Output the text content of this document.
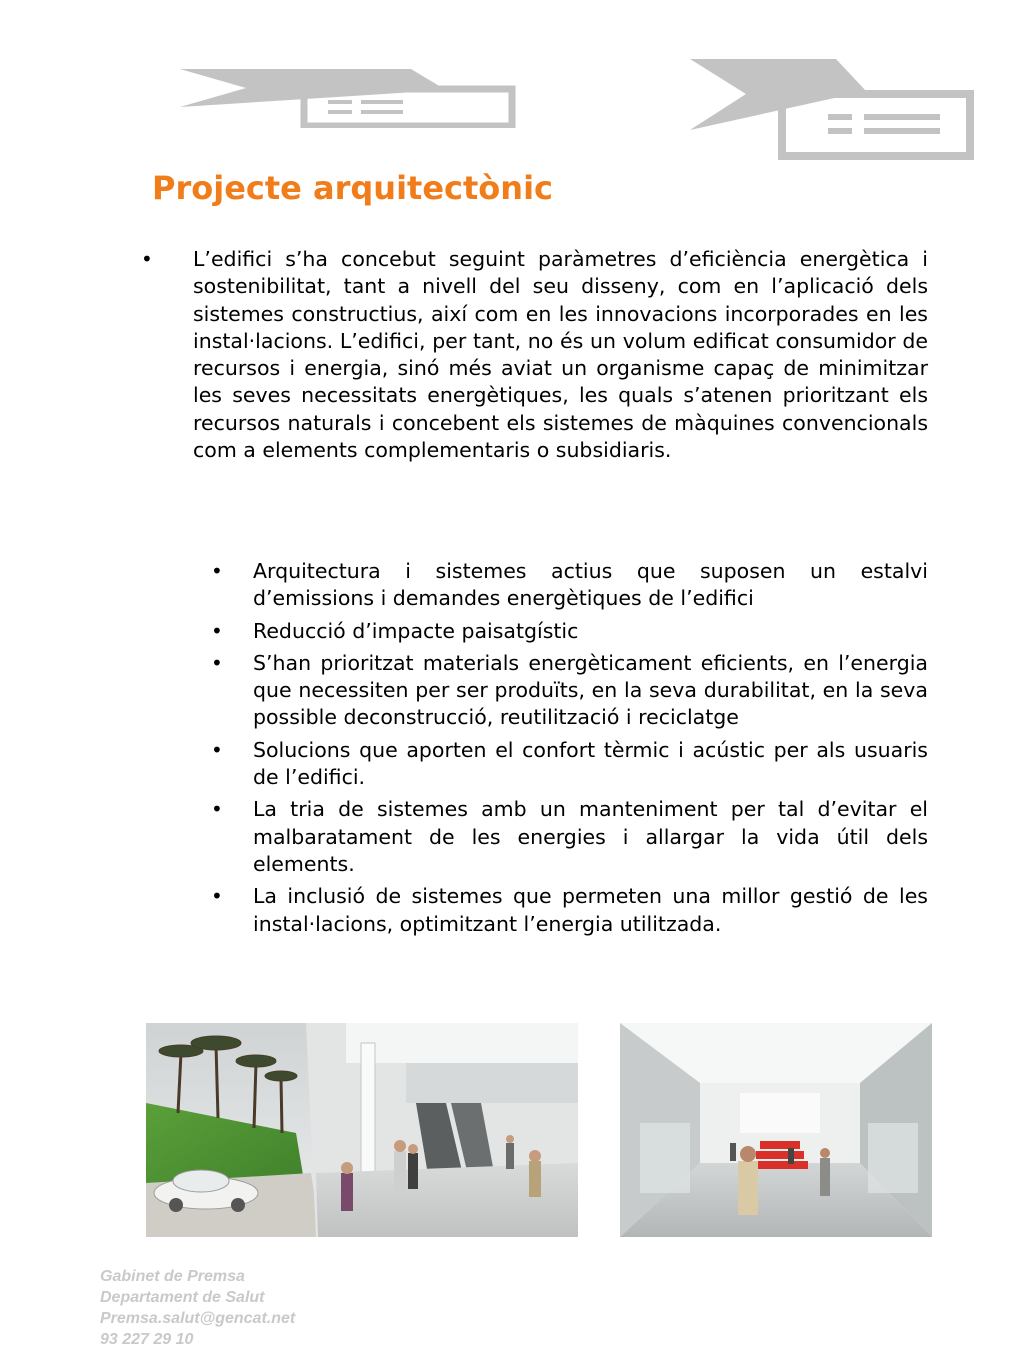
Projecte arquitectònic
• L’edifici s’ha concebut seguint paràmetres d’eficiència energètica i sostenibilitat, tant a nivell del seu disseny, com en l’aplicació dels sistemes constructius, així com en les innovacions incorporades en les instal·lacions. L’edifici, per tant, no és un volum edificat consumidor de recursos i energia, sinó més aviat un organisme capaç de minimitzar les seves necessitats energètiques, les quals s’atenen prioritzant els recursos naturals i concebent els sistemes de màquines convencionals com a elements complementaris o subsidiaris.
• Arquitectura i sistemes actius que suposen un estalvi d’emissions i demandes energètiques de l’edifici
• Reducció d’impacte paisatgístic
• S’han prioritzat materials energèticament eficients, en l’energia que necessiten per ser produïts, en la seva durabilitat, en la seva possible deconstrucció, reutilització i reciclatge
• Solucions que aporten el confort tèrmic i acústic per als usuaris de l’edifici.
• La tria de sistemes amb un manteniment per tal d’evitar el malbaratament de les energies i allargar la vida útil dels elements.
• La inclusió de sistemes que permeten una millor gestió de les instal·lacions, optimitzant l’energia utilitzada.
Gabinet de Premsa
Departament de Salut
Premsa.salut@gencat.net
93 227 29 10
